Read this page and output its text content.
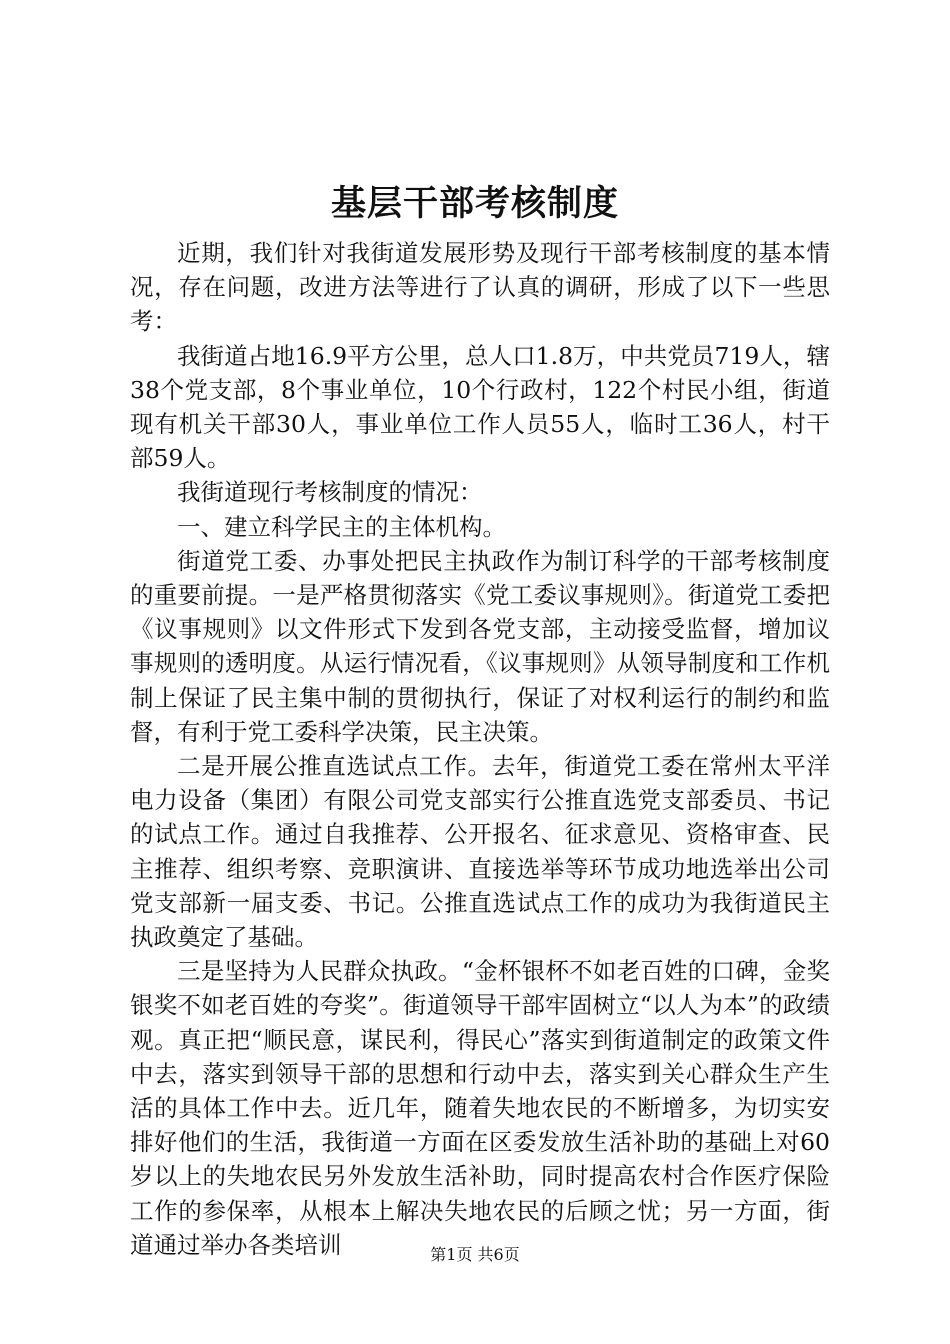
基层干部考核制度

近期，我们针对我街道发展形势及现行干部考核制度的基本情况，存在问题，改进方法等进行了认真的调研，形成了以下一些思考：

我街道占地16.9平方公里，总人口1.8万，中共党员719人，辖38个党支部，8个事业单位，10个行政村，122个村民小组，街道现有机关干部30人，事业单位工作人员55人，临时工36人，村干部59人。

我街道现行考核制度的情况：

一、建立科学民主的主体机构。

街道党工委、办事处把民主执政作为制订科学的干部考核制度的重要前提。一是严格贯彻落实《党工委议事规则》。街道党工委把《议事规则》以文件形式下发到各党支部，主动接受监督，增加议事规则的透明度。从运行情况看，《议事规则》从领导制度和工作机制上保证了民主集中制的贯彻执行，保证了对权利运行的制约和监督，有利于党工委科学决策，民主决策。

二是开展公推直选试点工作。去年，街道党工委在常州太平洋电力设备（集团）有限公司党支部实行公推直选党支部委员、书记的试点工作。通过自我推荐、公开报名、征求意见、资格审查、民主推荐、组织考察、竞职演讲、直接选举等环节成功地选举出公司党支部新一届支委、书记。公推直选试点工作的成功为我街道民主执政奠定了基础。

三是坚持为人民群众执政。“金杯银杯不如老百姓的口碑，金奖银奖不如老百姓的夸奖”。街道领导干部牢固树立“以人为本”的政绩观。真正把“顺民意，谋民利，得民心”落实到街道制定的政策文件中去，落实到领导干部的思想和行动中去，落实到关心群众生产生活的具体工作中去。近几年，随着失地农民的不断增多，为切实安排好他们的生活，我街道一方面在区委发放生活补助的基础上对60岁以上的失地农民另外发放生活补助，同时提高农村合作医疗保险工作的参保率，从根本上解决失地农民的后顾之忧；另一方面，街道通过举办各类培训	第1页 共6页
